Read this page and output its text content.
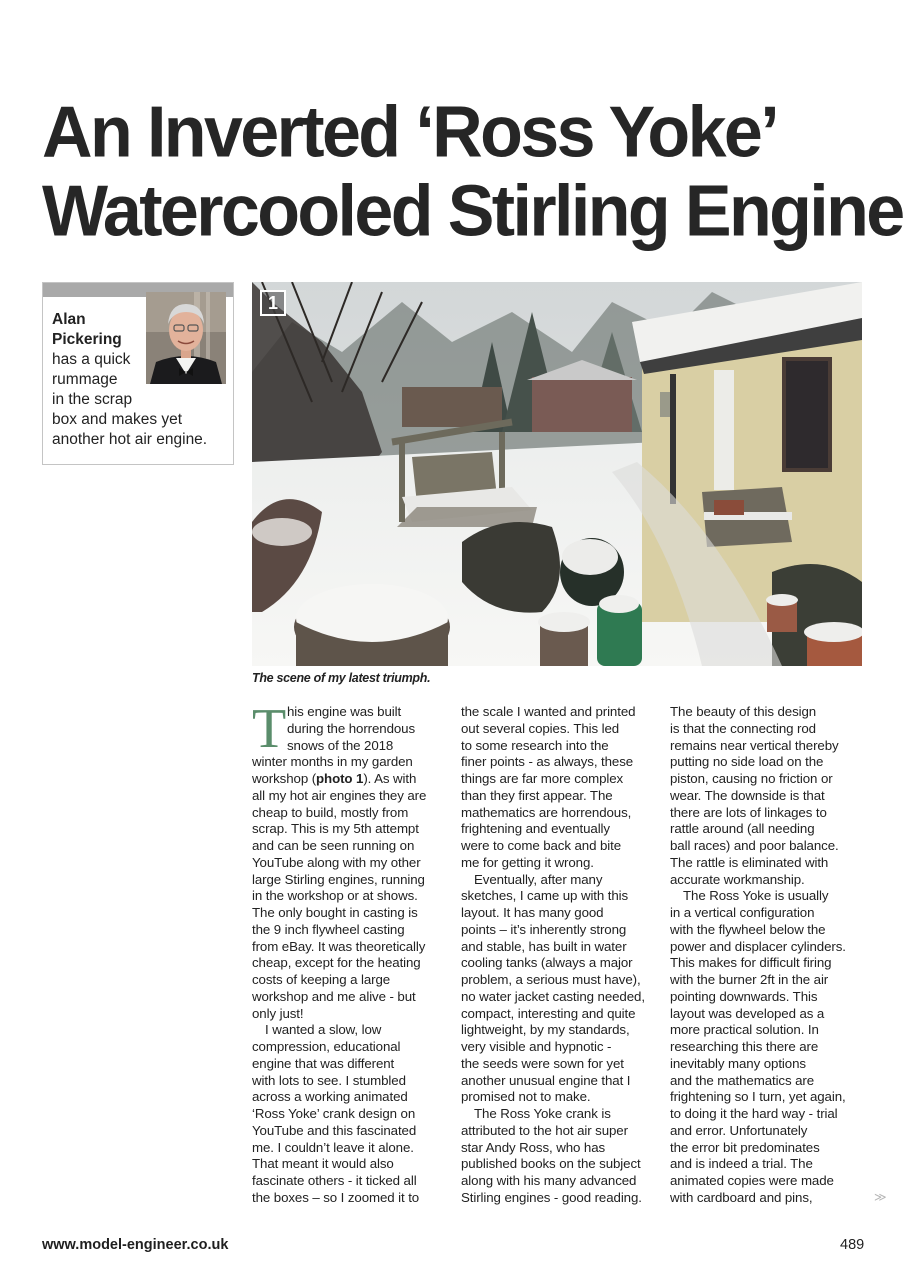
An Inverted ‘Ross Yoke’
Watercooled Stirling Engine
Alan
Pickering
has a quick
rummage
in the scrap
box and makes yet
another hot air engine.
1
The scene of my latest triumph.
T his engine was built
during the horrendous
snows of the 2018
winter months in my garden
workshop (photo 1). As with
all my hot air engines they are
cheap to build, mostly from
scrap. This is my 5th attempt
and can be seen running on
YouTube along with my other
large Stirling engines, running
in the workshop or at shows.
The only bought in casting is
the 9 inch flywheel casting
from eBay. It was theoretically
cheap, except for the heating
costs of keeping a large
workshop and me alive - but
only just!
I wanted a slow, low
compression, educational
engine that was different
with lots to see. I stumbled
across a working animated
‘Ross Yoke’ crank design on
YouTube and this fascinated
me. I couldn’t leave it alone.
That meant it would also
fascinate others - it ticked all
the boxes – so I zoomed it to
the scale I wanted and printed
out several copies. This led
to some research into the
finer points - as always, these
things are far more complex
than they first appear. The
mathematics are horrendous,
frightening and eventually
were to come back and bite
me for getting it wrong.
Eventually, after many
sketches, I came up with this
layout. It has many good
points – it’s inherently strong
and stable, has built in water
cooling tanks (always a major
problem, a serious must have),
no water jacket casting needed,
compact, interesting and quite
lightweight, by my standards,
very visible and hypnotic -
the seeds were sown for yet
another unusual engine that I
promised not to make.
The Ross Yoke crank is
attributed to the hot air super
star Andy Ross, who has
published books on the subject
along with his many advanced
Stirling engines - good reading.
The beauty of this design
is that the connecting rod
remains near vertical thereby
putting no side load on the
piston, causing no friction or
wear. The downside is that
there are lots of linkages to
rattle around (all needing
ball races) and poor balance.
The rattle is eliminated with
accurate workmanship.
The Ross Yoke is usually
in a vertical configuration
with the flywheel below the
power and displacer cylinders.
This makes for difficult firing
with the burner 2ft in the air
pointing downwards. This
layout was developed as a
more practical solution. In
researching this there are
inevitably many options
and the mathematics are
frightening so I turn, yet again,
to doing it the hard way - trial
and error. Unfortunately
the error bit predominates
and is indeed a trial. The
animated copies were made
with cardboard and pins,	≫
www.model-engineer.co.uk	489
